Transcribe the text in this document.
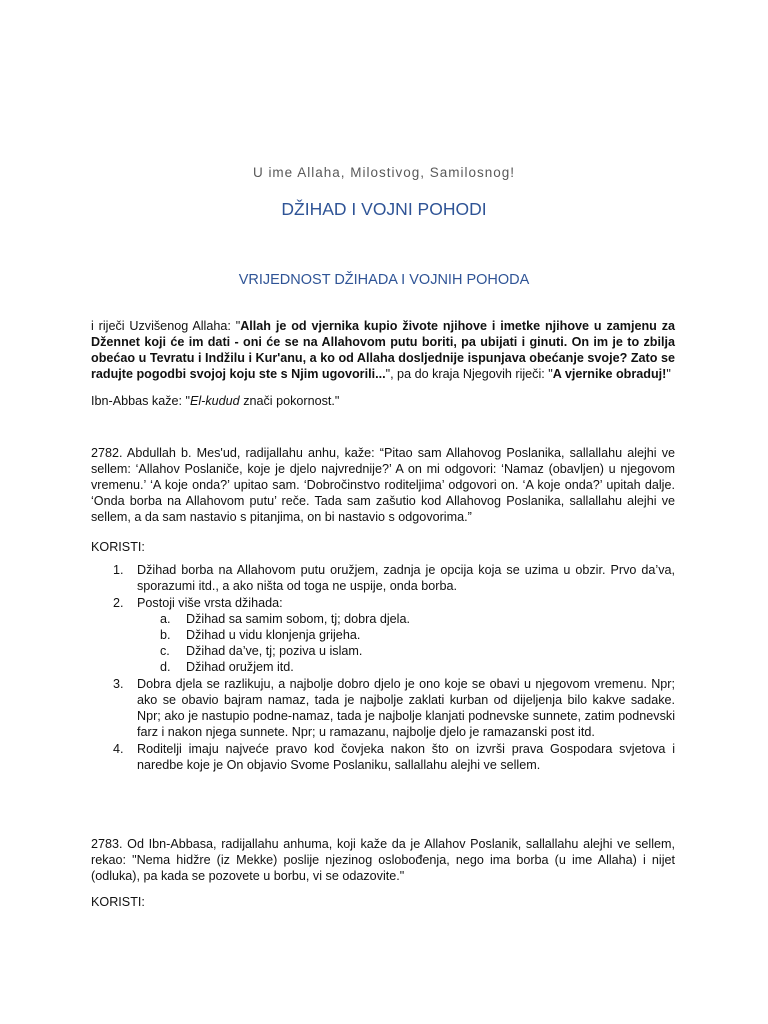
U ime Allaha, Milostivog, Samilosnog!
DŽIHAD I VOJNI POHODI
VRIJEDNOST DŽIHADA I VOJNIH POHODA
i riječi Uzvišenog Allaha: "Allah je od vjernika kupio živote njihove i imetke njihove u zamjenu za Džennet koji će im dati - oni će se na Allahovom putu boriti, pa ubijati i ginuti. On im je to zbilja obećao u Tevratu i Indžilu i Kur'anu, a ko od Allaha dosljednije ispunjava obećanje svoje? Zato se radujte pogodbi svojoj koju ste s Njim ugovorili...", pa do kraja Njegovih riječi: "A vjernike obraduj!"
Ibn-Abbas kaže: "El-kudud znači pokornost."
2782. Abdullah b. Mes'ud, radijallahu anhu, kaže: “Pitao sam Allahovog Poslanika, sallallahu alejhi ve sellem: ‘Allahov Poslaniče, koje je djelo najvrednije?’ A on mi odgovori: ‘Namaz (obavljen) u njegovom vremenu.’ ‘A koje onda?’ upitao sam. ‘Dobročinstvo roditeljima’ odgovori on. ‘A koje onda?’ upitah dalje. ‘Onda borba na Allahovom putu’ reče. Tada sam zašutio kod Allahovog Poslanika, sallallahu alejhi ve sellem, a da sam nastavio s pitanjima, on bi nastavio s odgovorima.”
KORISTI:
1. Džihad borba na Allahovom putu oružjem, zadnja je opcija koja se uzima u obzir. Prvo da’va, sporazumi itd., a ako ništa od toga ne uspije, onda borba.
2. Postoji više vrsta džihada:
a. Džihad sa samim sobom, tj; dobra djela.
b. Džihad u vidu klonjenja grijeha.
c. Džihad da’ve, tj; poziva u islam.
d. Džihad oružjem itd.
3. Dobra djela se razlikuju, a najbolje dobro djelo je ono koje se obavi u njegovom vremenu. Npr; ako se obavio bajram namaz, tada je najbolje zaklati kurban od dijeljenja bilo kakve sadake. Npr; ako je nastupio podne-namaz, tada je najbolje klanjati podnevske sunnete, zatim podnevski farz i nakon njega sunnete. Npr; u ramazanu, najbolje djelo je ramazanski post itd.
4. Roditelji imaju najveće pravo kod čovjeka nakon što on izvrši prava Gospodara svjetova i naredbe koje je On objavio Svome Poslaniku, sallallahu alejhi ve sellem.
2783. Od Ibn-Abbasa, radijallahu anhuma, koji kaže da je Allahov Poslanik, sallallahu alejhi ve sellem, rekao: "Nema hidžre (iz Mekke) poslije njezinog oslobođenja, nego ima borba (u ime Allaha) i nijet (odluka), pa kada se pozovete u borbu, vi se odazovite."
KORISTI:
